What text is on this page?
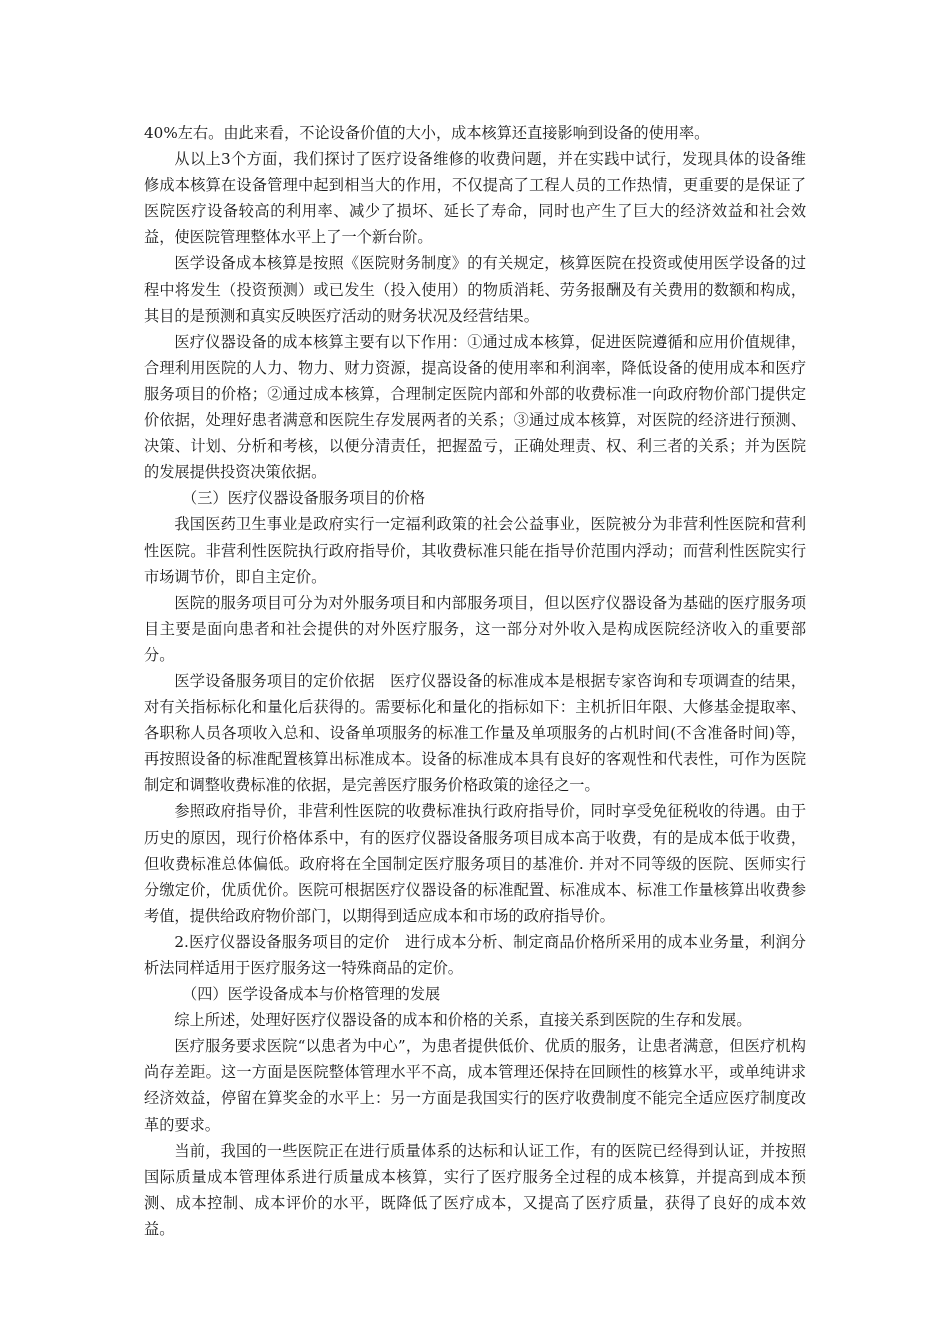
40%左右。由此来看，不论设备价值的大小，成本核算还直接影响到设备的使用率。

从以上3个方面，我们探讨了医疗设备维修的收费问题，并在实践中试行，发现具体的设备维修成本核算在设备管理中起到相当大的作用，不仅提高了工程人员的工作热情，更重要的是保证了医院医疗设备较高的利用率、减少了损坏、延长了寿命，同时也产生了巨大的经济效益和社会效益，使医院管理整体水平上了一个新台阶。

医学设备成本核算是按照《医院财务制度》的有关规定，核算医院在投资或使用医学设备的过程中将发生（投资预测）或已发生（投入使用）的物质消耗、劳务报酬及有关费用的数额和构成，其目的是预测和真实反映医疗活动的财务状况及经营结果。

医疗仪器设备的成本核算主要有以下作用：①通过成本核算，促进医院遵循和应用价值规律，合理利用医院的人力、物力、财力资源，提高设备的使用率和利润率，降低设备的使用成本和医疗服务项目的价格；②通过成本核算，合理制定医院内部和外部的收费标准一向政府物价部门提供定价依据，处理好患者满意和医院生存发展两者的关系；③通过成本核算，对医院的经济进行预测、决策、计划、分析和考核，以便分清责任，把握盈亏，正确处理责、权、利三者的关系；并为医院的发展提供投资决策依据。

（三）医疗仪器设备服务项目的价格

我国医药卫生事业是政府实行一定福利政策的社会公益事业，医院被分为非营利性医院和营利性医院。非营利性医院执行政府指导价，其收费标准只能在指导价范围内浮动；而营利性医院实行市场调节价，即自主定价。

医院的服务项目可分为对外服务项目和内部服务项目，但以医疗仪器设备为基础的医疗服务项目主要是面向患者和社会提供的对外医疗服务，这一部分对外收入是构成医院经济收入的重要部分。

医学设备服务项目的定价依据　医疗仪器设备的标准成本是根据专家咨询和专项调查的结果，对有关指标标化和量化后获得的。需要标化和量化的指标如下：主机折旧年限、大修基金提取率、各职称人员各项收入总和、设备单项服务的标准工作量及单项服务的占机时间(不含准备时间)等，再按照设备的标准配置核算出标准成本。设备的标准成本具有良好的客观性和代表性，可作为医院制定和调整收费标准的依据，是完善医疗服务价格政策的途径之一。

参照政府指导价，非营利性医院的收费标准执行政府指导价，同时享受免征税收的待遇。由于历史的原因，现行价格体系中，有的医疗仪器设备服务项目成本高于收费，有的是成本低于收费，但收费标准总体偏低。政府将在全国制定医疗服务项目的基准价. 并对不同等级的医院、医师实行分缴定价，优质优价。医院可根据医疗仪器设备的标准配置、标准成本、标准工作量核算出收费参考值，提供给政府物价部门，以期得到适应成本和市场的政府指导价。

2.医疗仪器设备服务项目的定价　进行成本分析、制定商品价格所采用的成本业务量，利润分析法同样适用于医疗服务这一特殊商品的定价。

（四）医学设备成本与价格管理的发展

综上所述，处理好医疗仪器设备的成本和价格的关系，直接关系到医院的生存和发展。

医疗服务要求医院“以患者为中心”，为患者提供低价、优质的服务，让患者满意，但医疗机构尚存差距。这一方面是医院整体管理水平不高，成本管理还保持在回顾性的核算水平，或单纯讲求经济效益，停留在算奖金的水平上：另一方面是我国实行的医疗收费制度不能完全适应医疗制度改革的要求。

当前，我国的一些医院正在进行质量体系的达标和认证工作，有的医院已经得到认证，并按照国际质量成本管理体系进行质量成本核算，实行了医疗服务全过程的成本核算，并提高到成本预测、成本控制、成本评价的水平，既降低了医疗成本，又提高了医疗质量，获得了良好的成本效益。
